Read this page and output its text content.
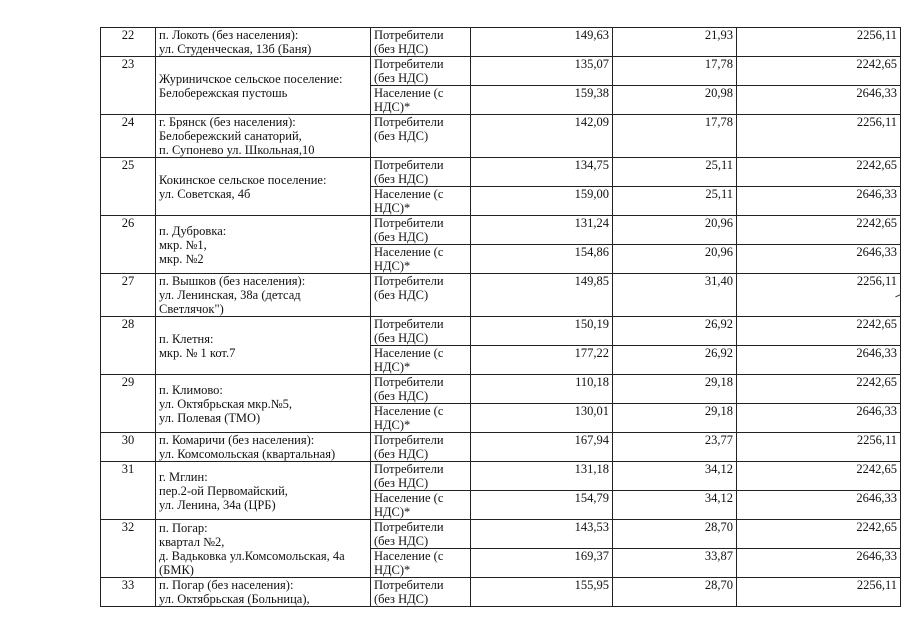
22	п. Локоть (без населения):
ул. Студенческая, 13б (Баня)	Потребители
(без НДС)	149,63	21,93	2256,11
23	Журиничское сельское поселение:
Белобережская пустошь	Потребители
(без НДС)	135,07	17,78	2242,65
		Население (с
НДС)*	159,38	20,98	2646,33
24	г. Брянск (без населения):
Белобережский санаторий,
п. Супонево ул. Школьная,10	Потребители
(без НДС)	142,09	17,78	2256,11
25	Кокинское сельское поселение:
ул. Советская, 4б	Потребители
(без НДС)	134,75	25,11	2242,65
		Население (с
НДС)*	159,00	25,11	2646,33
26	п. Дубровка:
мкр. №1,
мкр. №2	Потребители
(без НДС)	131,24	20,96	2242,65
		Население (с
НДС)*	154,86	20,96	2646,33
27	п. Вышков (без населения):
ул. Ленинская, 38а (детсад
Светлячок")	Потребители
(без НДС)	149,85	31,40	2256,11
28	п. Клетня:
мкр. № 1 кот.7	Потребители
(без НДС)	150,19	26,92	2242,65
		Население (с
НДС)*	177,22	26,92	2646,33
29	п. Климово:
ул. Октябрьская мкр.№5,
ул. Полевая (ТМО)	Потребители
(без НДС)	110,18	29,18	2242,65
		Население (с
НДС)*	130,01	29,18	2646,33
30	п. Комаричи (без населения):
ул. Комсомольская (квартальная)	Потребители
(без НДС)	167,94	23,77	2256,11
31	г. Мглин:
пер.2-ой Первомайский,
ул. Ленина, 34а (ЦРБ)	Потребители
(без НДС)	131,18	34,12	2242,65
		Население (с
НДС)*	154,79	34,12	2646,33
32	п. Погар:
квартал №2,
д. Вадьковка ул.Комсомольская, 4а
(БМК)	Потребители
(без НДС)	143,53	28,70	2242,65
		Население (с
НДС)*	169,37	33,87	2646,33
33	п. Погар (без населения):
ул. Октябрьская (Больница),	Потребители
(без НДС)	155,95	28,70	2256,11
